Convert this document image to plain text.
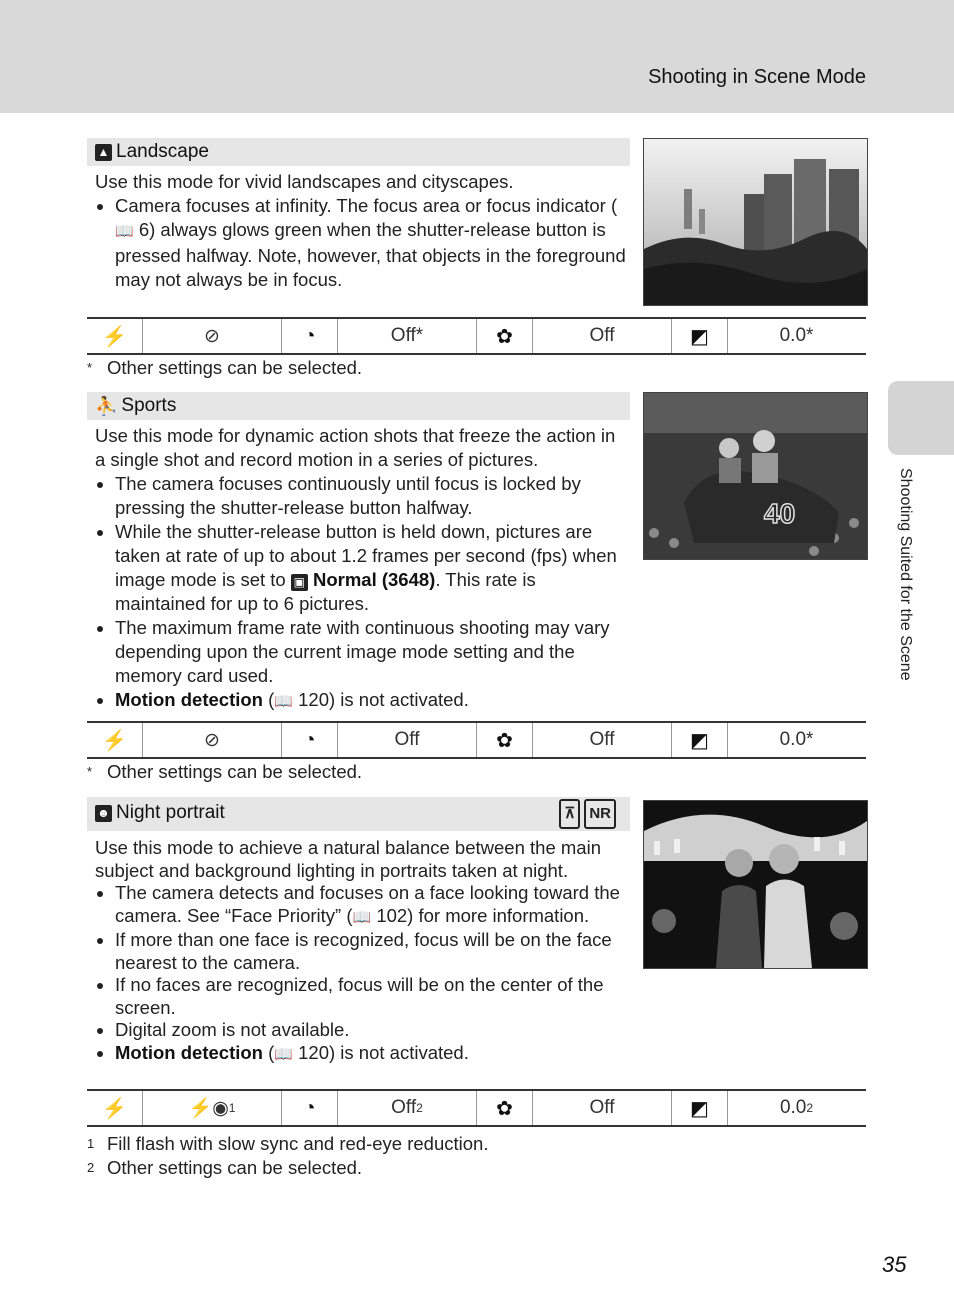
Shooting in Scene Mode
Shooting Suited for the Scene
▲ Landscape

Use this mode for vivid landscapes and cityscapes.

• Camera focuses at infinity. The focus area or focus indicator (📖 6) always glows green when the shutter-release button is pressed halfway. Note, however, that objects in the foreground may not always be in focus.
⚡	⊘	◔	Off*	✿	Off	◩	0.0*
* Other settings can be selected.
⛹ Sports

Use this mode for dynamic action shots that freeze the action in a single shot and record motion in a series of pictures.

• The camera focuses continuously until focus is locked by pressing the shutter-release button halfway.
• While the shutter-release button is held down, pictures are taken at rate of up to about 1.2 frames per second (fps) when image mode is set to ▣ Normal (3648). This rate is maintained for up to 6 pictures.
• The maximum frame rate with continuous shooting may vary depending upon the current image mode setting and the memory card used.
• Motion detection (📖 120) is not activated.
40
⚡	⊘	◔	Off	✿	Off	◩	0.0*
* Other settings can be selected.
☻ Night portrait	⊼ NR

Use this mode to achieve a natural balance between the main subject and background lighting in portraits taken at night.

• The camera detects and focuses on a face looking toward the camera. See “Face Priority” (📖 102) for more information.
• If more than one face is recognized, focus will be on the face nearest to the camera.
• If no faces are recognized, focus will be on the center of the screen.
• Digital zoom is not available.
• Motion detection (📖 120) is not activated.
⚡	⚡◉ 1	◔	Off 2	✿	Off	◩	0.0 2
1 Fill flash with slow sync and red-eye reduction.
2 Other settings can be selected.
35
